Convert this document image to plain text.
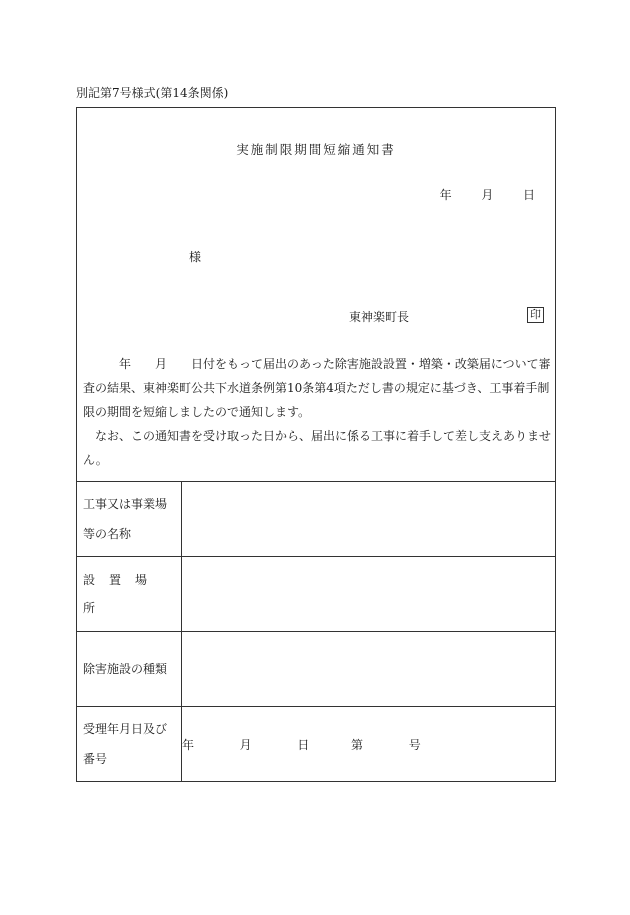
別記第7号様式(第14条関係)
実施制限期間短縮通知書
年 月 日
様
東神楽町長	印

年　　月　　日付をもって届出のあった除害施設設置・増築・改築届について審査の結果、東神楽町公共下水道条例第10条第4項ただし書の規定に基づき、工事着手制限の期間を短縮しましたので通知します。

　なお、この通知書を受け取った日から、届出に係る工事に着手して差し支えありません。

工事又は事業場等の名称	
設置場所	
除害施設の種類	
受理年月日及び番号	年 月 日 第 号
